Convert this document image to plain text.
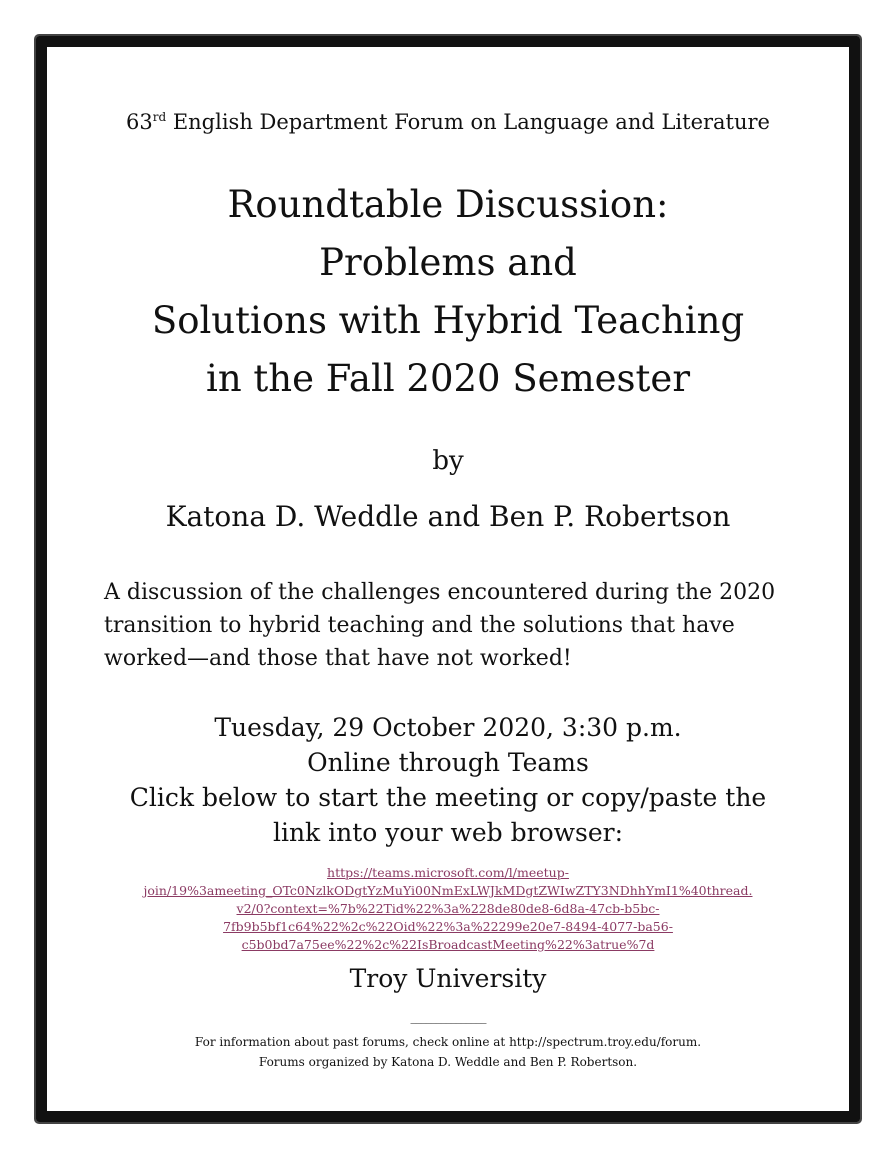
63rd English Department Forum on Language and Literature
Roundtable Discussion:
Problems and
Solutions with Hybrid Teaching
in the Fall 2020 Semester
by
Katona D. Weddle and Ben P. Robertson
A discussion of the challenges encountered during the 2020 transition to hybrid teaching and the solutions that have worked—and those that have not worked!
Tuesday, 29 October 2020, 3:30 p.m.
Online through Teams
Click below to start the meeting or copy/paste the
link into your web browser:
https://teams.microsoft.com/l/meetup-
join/19%3ameeting_OTc0NzlkODgtYzMuYi00NmExLWJkMDgtZWIwZTY3NDhhYmI1%40thread.
v2/0?context=%7b%22Tid%22%3a%228de80de8-6d8a-47cb-b5bc-
7fb9b5bf1c64%22%2c%22Oid%22%3a%22299e20e7-8494-4077-ba56-
c5b0bd7a75ee%22%2c%22IsBroadcastMeeting%22%3atrue%7d
Troy University
_______________
For information about past forums, check online at http://spectrum.troy.edu/forum.
Forums organized by Katona D. Weddle and Ben P. Robertson.
